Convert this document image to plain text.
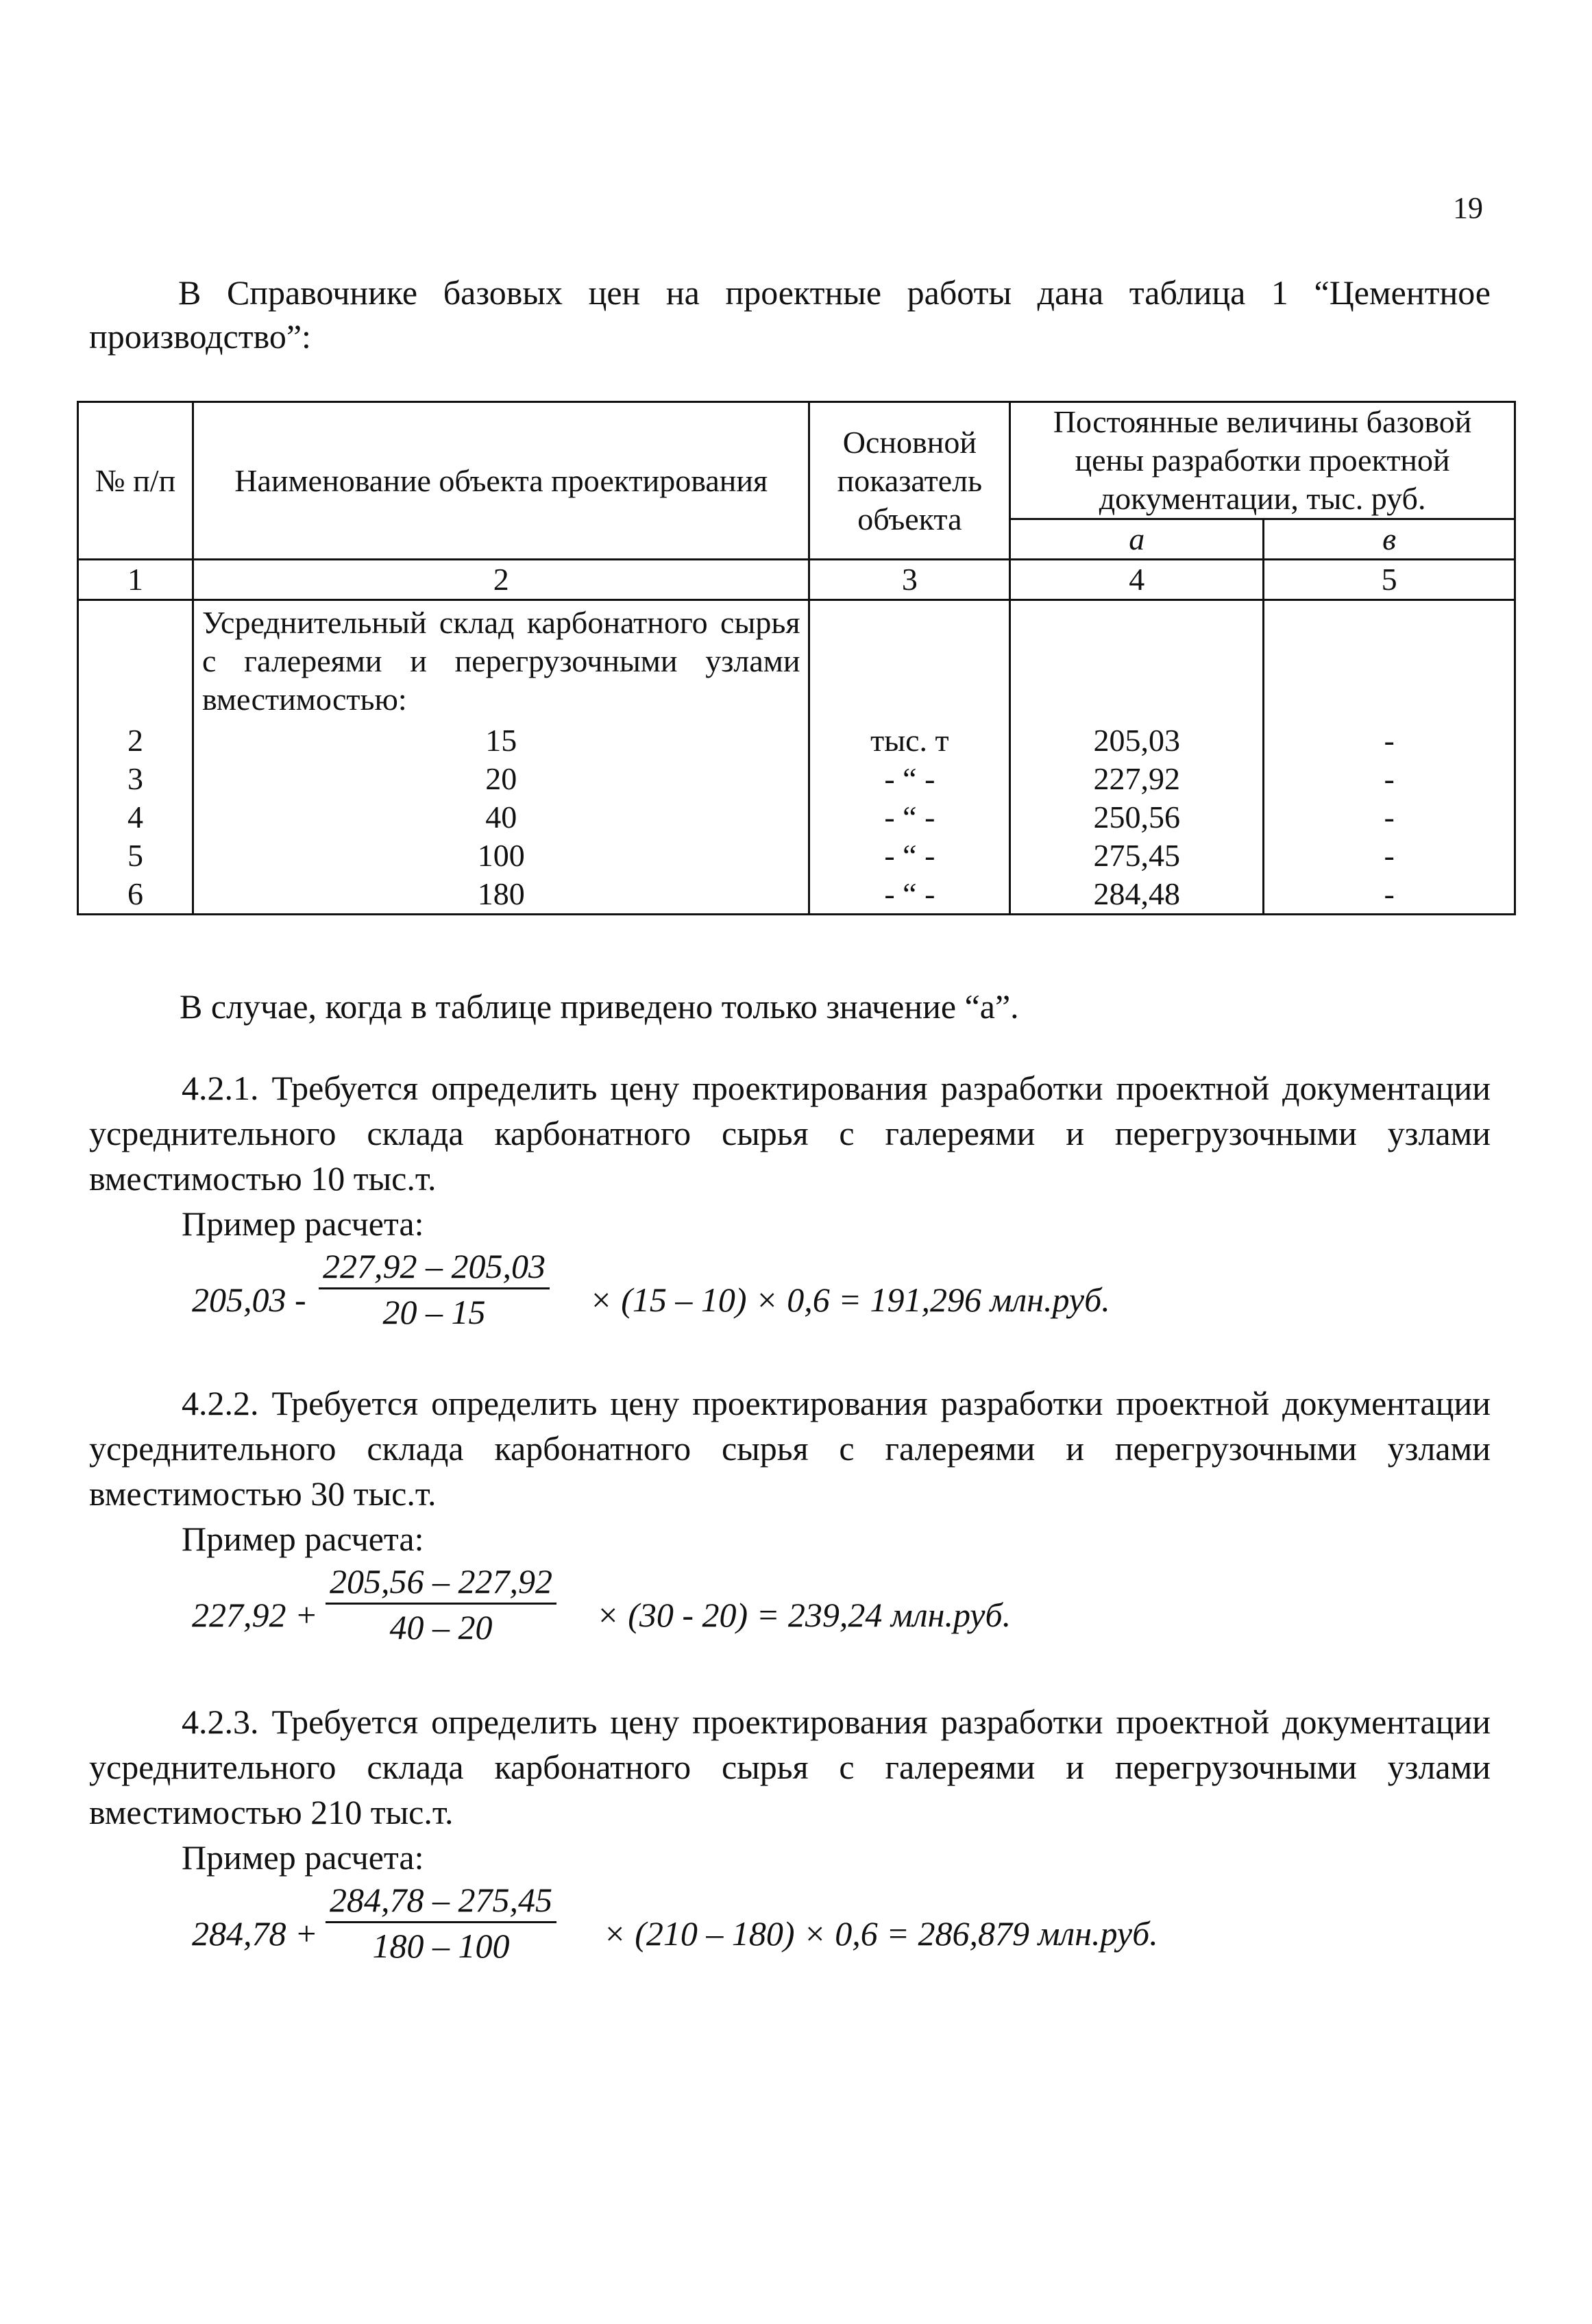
19
В Справочнике базовых цен на проектные работы дана таблица 1 “Цементное производство”:
№ п/п	Наименование объекта проектирования	Основной показатель объекта	Постоянные величины базовой цены разработки проектной документации, тыс. руб.	
			а	в
1	2	3	4	5
	Усреднительный склад карбонатного сырья с галереями и перегрузочными узлами вместимостью:			
2	15	тыс. т	205,03	-
3	20	- “ -	227,92	-
4	40	- “ -	250,56	-
5	100	- “ -	275,45	-
6	180	- “ -	284,48	-
В случае, когда в таблице приведено только значение “а”.
4.2.1. Требуется определить цену проектирования разработки проектной документации усреднительного склада карбонатного сырья с галереями и перегрузочными узлами вместимостью 10 тыс.т.
Пример расчета:
$205,03 - \frac{227,92 - 205,03}{20 - 15} \times (15 - 10) \times 0,6 = 191,296$ млн.руб.
4.2.2. Требуется определить цену проектирования разработки проектной документации усреднительного склада карбонатного сырья с галереями и перегрузочными узлами вместимостью 30 тыс.т.
Пример расчета:
$227,92 + \frac{205,56 - 227,92}{40 - 20} \times (30 - 20) = 239,24$ млн.руб.
4.2.3. Требуется определить цену проектирования разработки проектной документации усреднительного склада карбонатного сырья с галереями и перегрузочными узлами вместимостью 210 тыс.т.
Пример расчета:
$284,78 + \frac{284,78 - 275,45}{180 - 100} \times (210 - 180) \times 0,6 = 286,879$ млн.руб.
